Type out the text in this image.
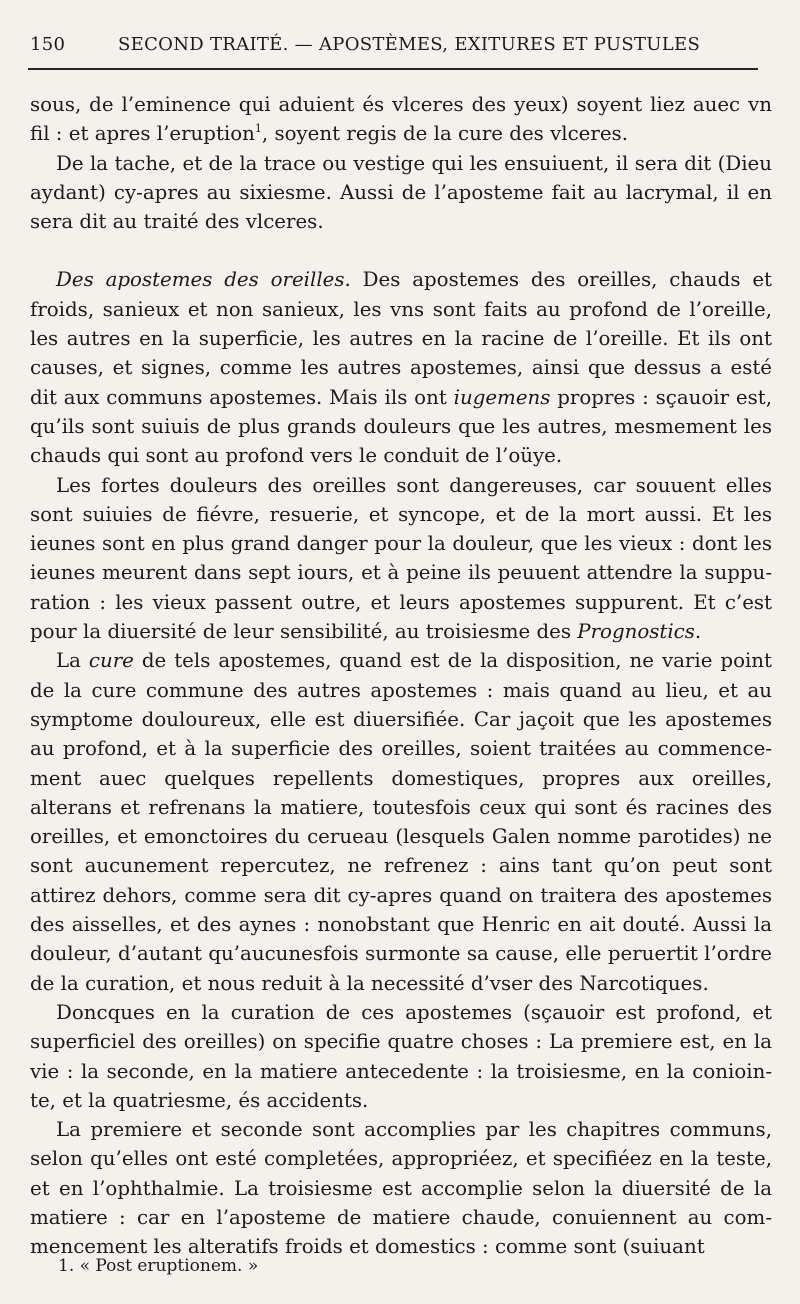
150	SECOND TRAITÉ. — APOSTÈMES, EXITURES ET PUSTULES

sous, de l’eminence qui aduient és vlceres des yeux) soyent liez auec vn fil : et apres l’eruption$^1$, soyent regis de la cure des vlceres.

De la tache, et de la trace ou vestige qui les ensuiuent, il sera dit (Dieu aydant) cy-apres au sixiesme. Aussi de l’aposteme fait au lacrymal, il en sera dit au traité des vlceres.

Des apostemes des oreilles. Des apostemes des oreilles, chauds et froids, sanieux et non sanieux, les vns sont faits au profond de l’oreille, les autres en la superficie, les autres en la racine de l’oreille. Et ils ont causes, et signes, comme les autres apostemes, ainsi que dessus a esté dit aux communs apostemes. Mais ils ont iugemens propres : sçauoir est, qu’ils sont suiuis de plus grands douleurs que les autres, mesmement les chauds qui sont au profond vers le conduit de l’oüye.

Les fortes douleurs des oreilles sont dangereuses, car souuent elles sont suiuies de fiévre, resuerie, et syncope, et de la mort aussi. Et les ieunes sont en plus grand danger pour la douleur, que les vieux : dont les ieunes meurent dans sept iours, et à peine ils peuuent attendre la suppuration : les vieux passent outre, et leurs apostemes suppurent. Et c’est pour la diuersité de leur sensibilité, au troisiesme des Prognostics.

La cure de tels apostemes, quand est de la disposition, ne varie point de la cure commune des autres apostemes : mais quand au lieu, et au symptome douloureux, elle est diuersifiée. Car jaçoit que les apostemes au profond, et à la superficie des oreilles, soient traitées au commencement auec quelques repellents domestiques, propres aux oreilles, alterans et refrenans la matiere, toutesfois ceux qui sont és racines des oreilles, et emonctoires du cerueau (lesquels Galen nomme parotides) ne sont aucunement repercutez, ne refrenez : ains tant qu’on peut sont attirez dehors, comme sera dit cy-apres quand on traitera des apostemes des aisselles, et des aynes : nonobstant que Henric en ait douté. Aussi la douleur, d’autant qu’aucunesfois surmonte sa cause, elle peruertit l’ordre de la curation, et nous reduit à la necessité d’vser des Narcotiques.

Doncques en la curation de ces apostemes (sçauoir est profond, et superficiel des oreilles) on specifie quatre choses : La premiere est, en la vie : la seconde, en la matiere antecedente : la troisiesme, en la coniointe, et la quatriesme, és accidents.

La premiere et seconde sont accomplies par les chapitres communs, selon qu’elles ont esté completées, appropriéez, et specifiéez en la teste, et en l’ophthalmie. La troisiesme est accomplie selon la diuersité de la matiere : car en l’aposteme de matiere chaude, conuiennent au commencement les alteratifs froids et domestics : comme sont (suiuant

1. « Post eruptionem. »
